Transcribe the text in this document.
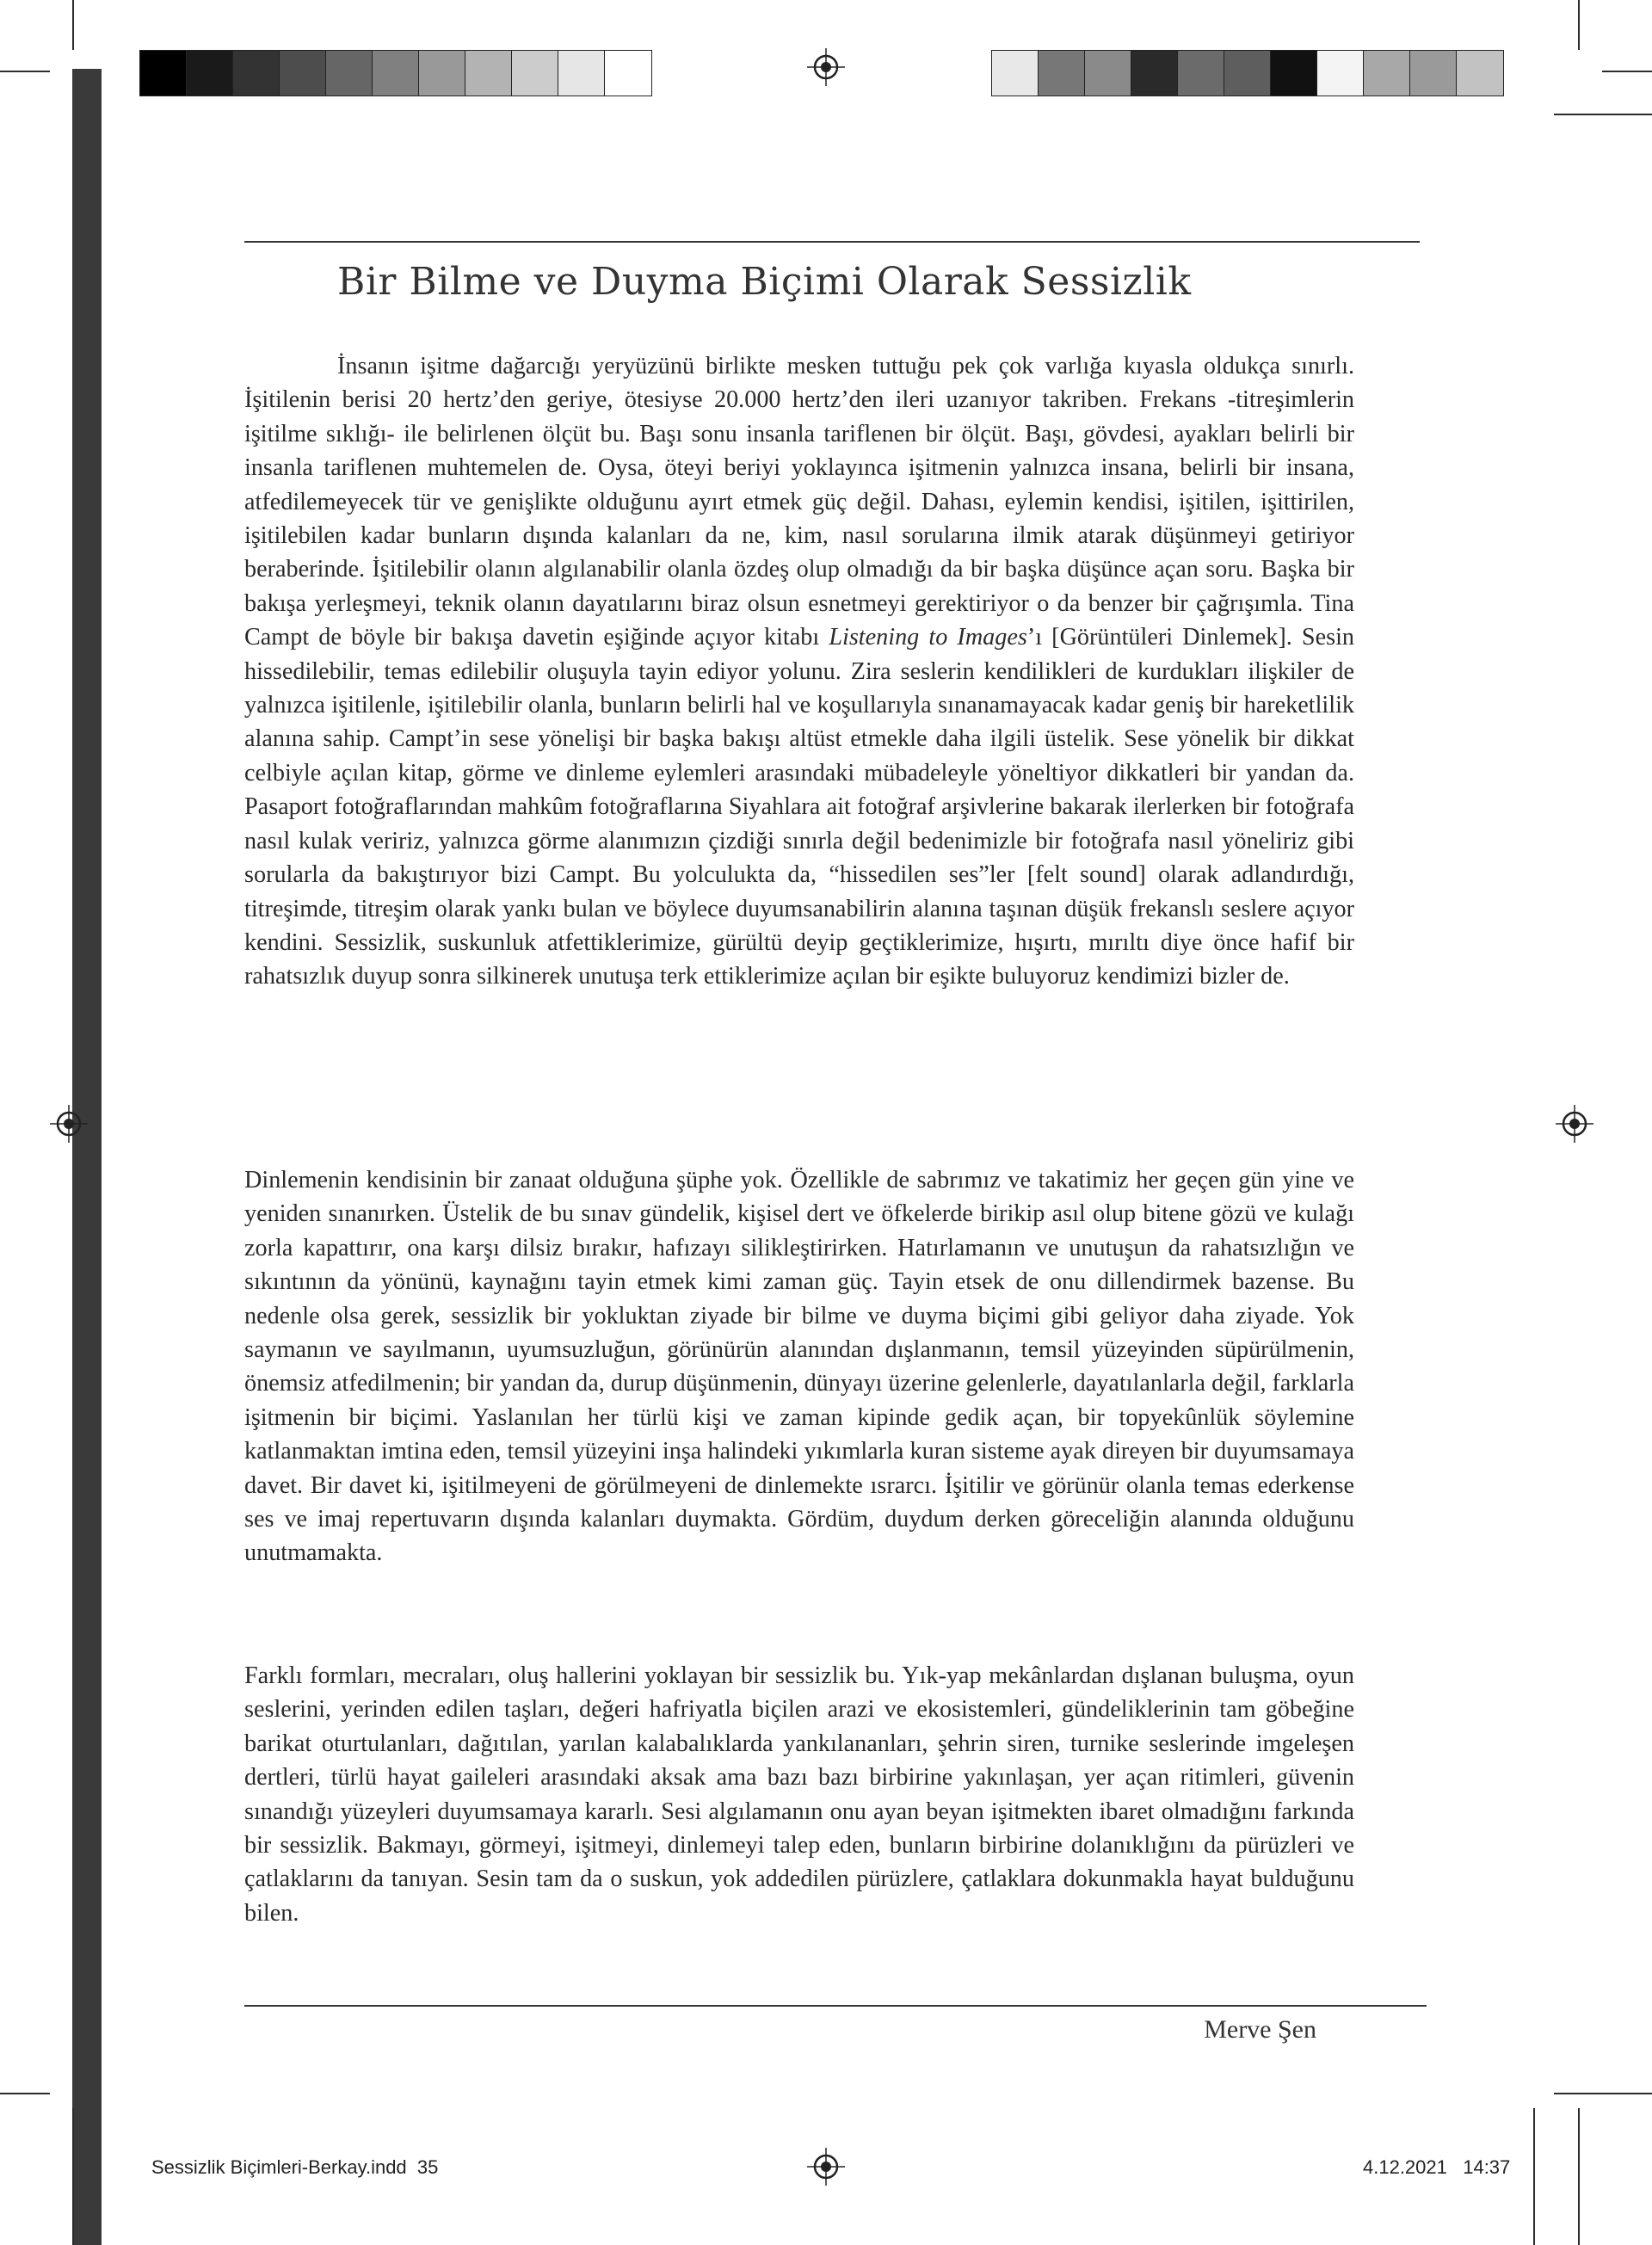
Bir Bilme ve Duyma Biçimi Olarak Sessizlik

İnsanın işitme dağarcığı yeryüzünü birlikte mesken tuttuğu pek çok varlığa kıyasla oldukça sınırlı. İşitilenin berisi 20 hertz’den geriye, ötesiyse 20.000 hertz’den ileri uzanıyor takriben. Frekans -titreşimlerin işitilme sıklığı- ile belirlenen ölçüt bu. Başı sonu insanla tariflenen bir ölçüt. Başı, gövdesi, ayakları belirli bir insanla tariflenen muhtemelen de. Oysa, öteyi beriyi yoklayınca işitmenin yalnızca insana, belirli bir insana, atfedilemeyecek tür ve genişlikte olduğunu ayırt etmek güç değil. Dahası, eylemin kendisi, işitilen, işittirilen, işitilebilen kadar bunların dışında kalanları da ne, kim, nasıl sorularına ilmik atarak düşünmeyi getiriyor beraberinde. İşitilebilir olanın algılanabilir olanla özdeş olup olmadığı da bir başka düşünce açan soru. Başka bir bakışa yerleşmeyi, teknik olanın dayatılarını biraz olsun esnetmeyi gerektiriyor o da benzer bir çağrışımla. Tina Campt de böyle bir bakışa davetin eşiğinde açıyor kitabı Listening to Images’ı [Görüntüleri Dinlemek]. Sesin hissedilebilir, temas edilebilir oluşuyla tayin ediyor yolunu. Zira seslerin kendilikleri de kurdukları ilişkiler de yalnızca işitilenle, işitilebilir olanla, bunların belirli hal ve koşullarıyla sınanamayacak kadar geniş bir hareketlilik alanına sahip. Campt’in sese yönelişi bir başka bakışı altüst etmekle daha ilgili üstelik. Sese yönelik bir dikkat celbiyle açılan kitap, görme ve dinleme eylemleri arasındaki mübadeleyle yöneltiyor dikkatleri bir yandan da. Pasaport fotoğraflarından mahkûm fotoğraflarına Siyahlara ait fotoğraf arşivlerine bakarak ilerlerken bir fotoğrafa nasıl kulak veririz, yalnızca görme alanımızın çizdiği sınırla değil bedenimizle bir fotoğrafa nasıl yöneliriz gibi sorularla da bakıştırıyor bizi Campt. Bu yolculukta da, “hissedilen ses”ler [felt sound] olarak adlandırdığı, titreşimde, titreşim olarak yankı bulan ve böylece duyumsanabilirin alanına taşınan düşük frekanslı seslere açıyor kendini. Sessizlik, suskunluk atfettiklerimize, gürültü deyip geçtiklerimize, hışırtı, mırıltı diye önce hafif bir rahatsızlık duyup sonra silkinerek unutuşa terk ettiklerimize açılan bir eşikte buluyoruz kendimizi bizler de.

Dinlemenin kendisinin bir zanaat olduğuna şüphe yok. Özellikle de sabrımız ve takatimiz her geçen gün yine ve yeniden sınanırken. Üstelik de bu sınav gündelik, kişisel dert ve öfkelerde birikip asıl olup bitene gözü ve kulağı zorla kapattırır, ona karşı dilsiz bırakır, hafızayı silikleştirirken. Hatırlamanın ve unutuşun da rahatsızlığın ve sıkıntının da yönünü, kaynağını tayin etmek kimi zaman güç. Tayin etsek de onu dillendirmek bazense. Bu nedenle olsa gerek, sessizlik bir yokluktan ziyade bir bilme ve duyma biçimi gibi geliyor daha ziyade. Yok saymanın ve sayılmanın, uyumsuzluğun, görünürün alanından dışlanmanın, temsil yüzeyinden süpürülmenin, önemsiz atfedilmenin; bir yandan da, durup düşünmenin, dünyayı üzerine gelenlerle, dayatılanlarla değil, farklarla işitmenin bir biçimi. Yaslanılan her türlü kişi ve zaman kipinde gedik açan, bir topyekûnlük söylemine katlanmaktan imtina eden, temsil yüzeyini inşa halindeki yıkımlarla kuran sisteme ayak direyen bir duyumsamaya davet. Bir davet ki, işitilmeyeni de görülmeyeni de dinlemekte ısrarcı. İşitilir ve görünür olanla temas ederkense ses ve imaj repertuvarın dışında kalanları duymakta. Gördüm, duydum derken göreceliğin alanında olduğunu unutmamakta.

Farklı formları, mecraları, oluş hallerini yoklayan bir sessizlik bu. Yık-yap mekânlardan dışlanan buluşma, oyun seslerini, yerinden edilen taşları, değeri hafriyatla biçilen arazi ve ekosistemleri, gündeliklerinin tam göbeğine barikat oturtulanları, dağıtılan, yarılan kalabalıklarda yankılananları, şehrin siren, turnike seslerinde imgeleşen dertleri, türlü hayat gaileleri arasındaki aksak ama bazı bazı birbirine yakınlaşan, yer açan ritimleri, güvenin sınandığı yüzeyleri duyumsamaya kararlı. Sesi algılamanın onu ayan beyan işitmekten ibaret olmadığını farkında bir sessizlik. Bakmayı, görmeyi, işitmeyi, dinlemeyi talep eden, bunların birbirine dolanıklığını da pürüzleri ve çatlaklarını da tanıyan. Sesin tam da o suskun, yok addedilen pürüzlere, çatlaklara dokunmakla hayat bulduğunu bilen.

Merve Şen
Sessizlik Biçimleri-Berkay.indd 35	4.12.2021 14:37
